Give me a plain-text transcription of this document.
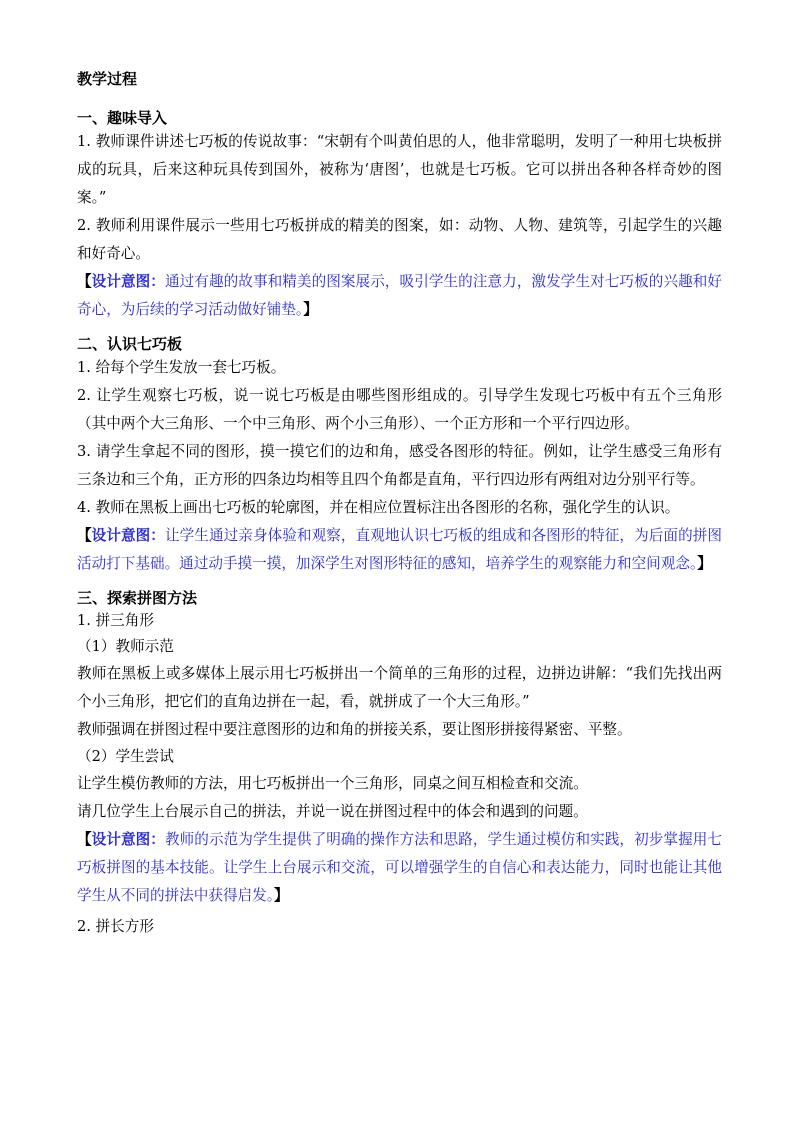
教学过程
一、趣味导入

1. 教师课件讲述七巧板的传说故事：“宋朝有个叫黄伯思的人，他非常聪明，发明了一种用七块板拼成的玩具，后来这种玩具传到国外，被称为‘唐图’，也就是七巧板。它可以拼出各种各样奇妙的图案。”

2. 教师利用课件展示一些用七巧板拼成的精美的图案，如：动物、人物、建筑等，引起学生的兴趣和好奇心。

【设计意图：通过有趣的故事和精美的图案展示，吸引学生的注意力，激发学生对七巧板的兴趣和好奇心，为后续的学习活动做好铺垫。】

二、认识七巧板

1. 给每个学生发放一套七巧板。

2. 让学生观察七巧板，说一说七巧板是由哪些图形组成的。引导学生发现七巧板中有五个三角形（其中两个大三角形、一个中三角形、两个小三角形）、一个正方形和一个平行四边形。

3. 请学生拿起不同的图形，摸一摸它们的边和角，感受各图形的特征。例如，让学生感受三角形有三条边和三个角，正方形的四条边均相等且四个角都是直角，平行四边形有两组对边分别平行等。

4. 教师在黑板上画出七巧板的轮廓图，并在相应位置标注出各图形的名称，强化学生的认识。

【设计意图：让学生通过亲身体验和观察，直观地认识七巧板的组成和各图形的特征，为后面的拼图活动打下基础。通过动手摸一摸，加深学生对图形特征的感知，培养学生的观察能力和空间观念。】

三、探索拼图方法

1. 拼三角形

（1）教师示范

教师在黑板上或多媒体上展示用七巧板拼出一个简单的三角形的过程，边拼边讲解：“我们先找出两个小三角形，把它们的直角边拼在一起，看，就拼成了一个大三角形。”

教师强调在拼图过程中要注意图形的边和角的拼接关系，要让图形拼接得紧密、平整。

（2）学生尝试

让学生模仿教师的方法，用七巧板拼出一个三角形，同桌之间互相检查和交流。

请几位学生上台展示自己的拼法，并说一说在拼图过程中的体会和遇到的问题。

【设计意图：教师的示范为学生提供了明确的操作方法和思路，学生通过模仿和实践，初步掌握用七巧板拼图的基本技能。让学生上台展示和交流，可以增强学生的自信心和表达能力，同时也能让其他学生从不同的拼法中获得启发。】

2. 拼长方形
